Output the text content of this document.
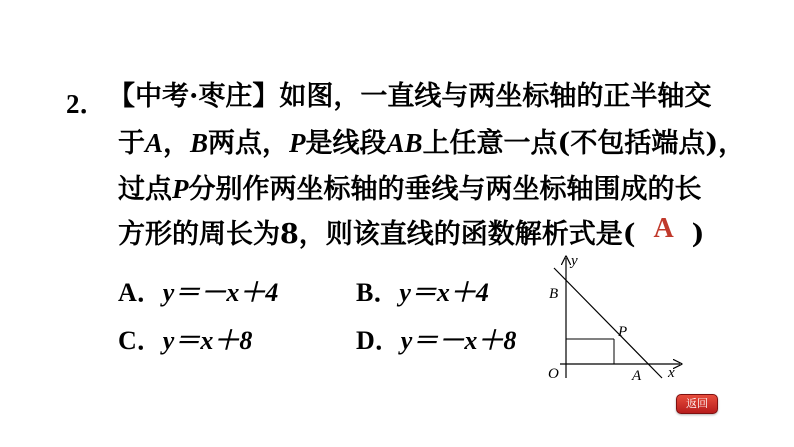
2． 【中考·枣庄】如图，一直线与两坐标轴的正半轴交
于A，B两点，P是线段AB上任意一点(不包括端点)，
过点P分别作两坐标轴的垂线与两坐标轴围成的长
方形的周长为8，则该直线的函数解析式是( A )
A．y＝－x＋4	B．y＝x＋4
C．y＝x＋8	D．y＝－x＋8
y
x
O	A
B
P
返回
